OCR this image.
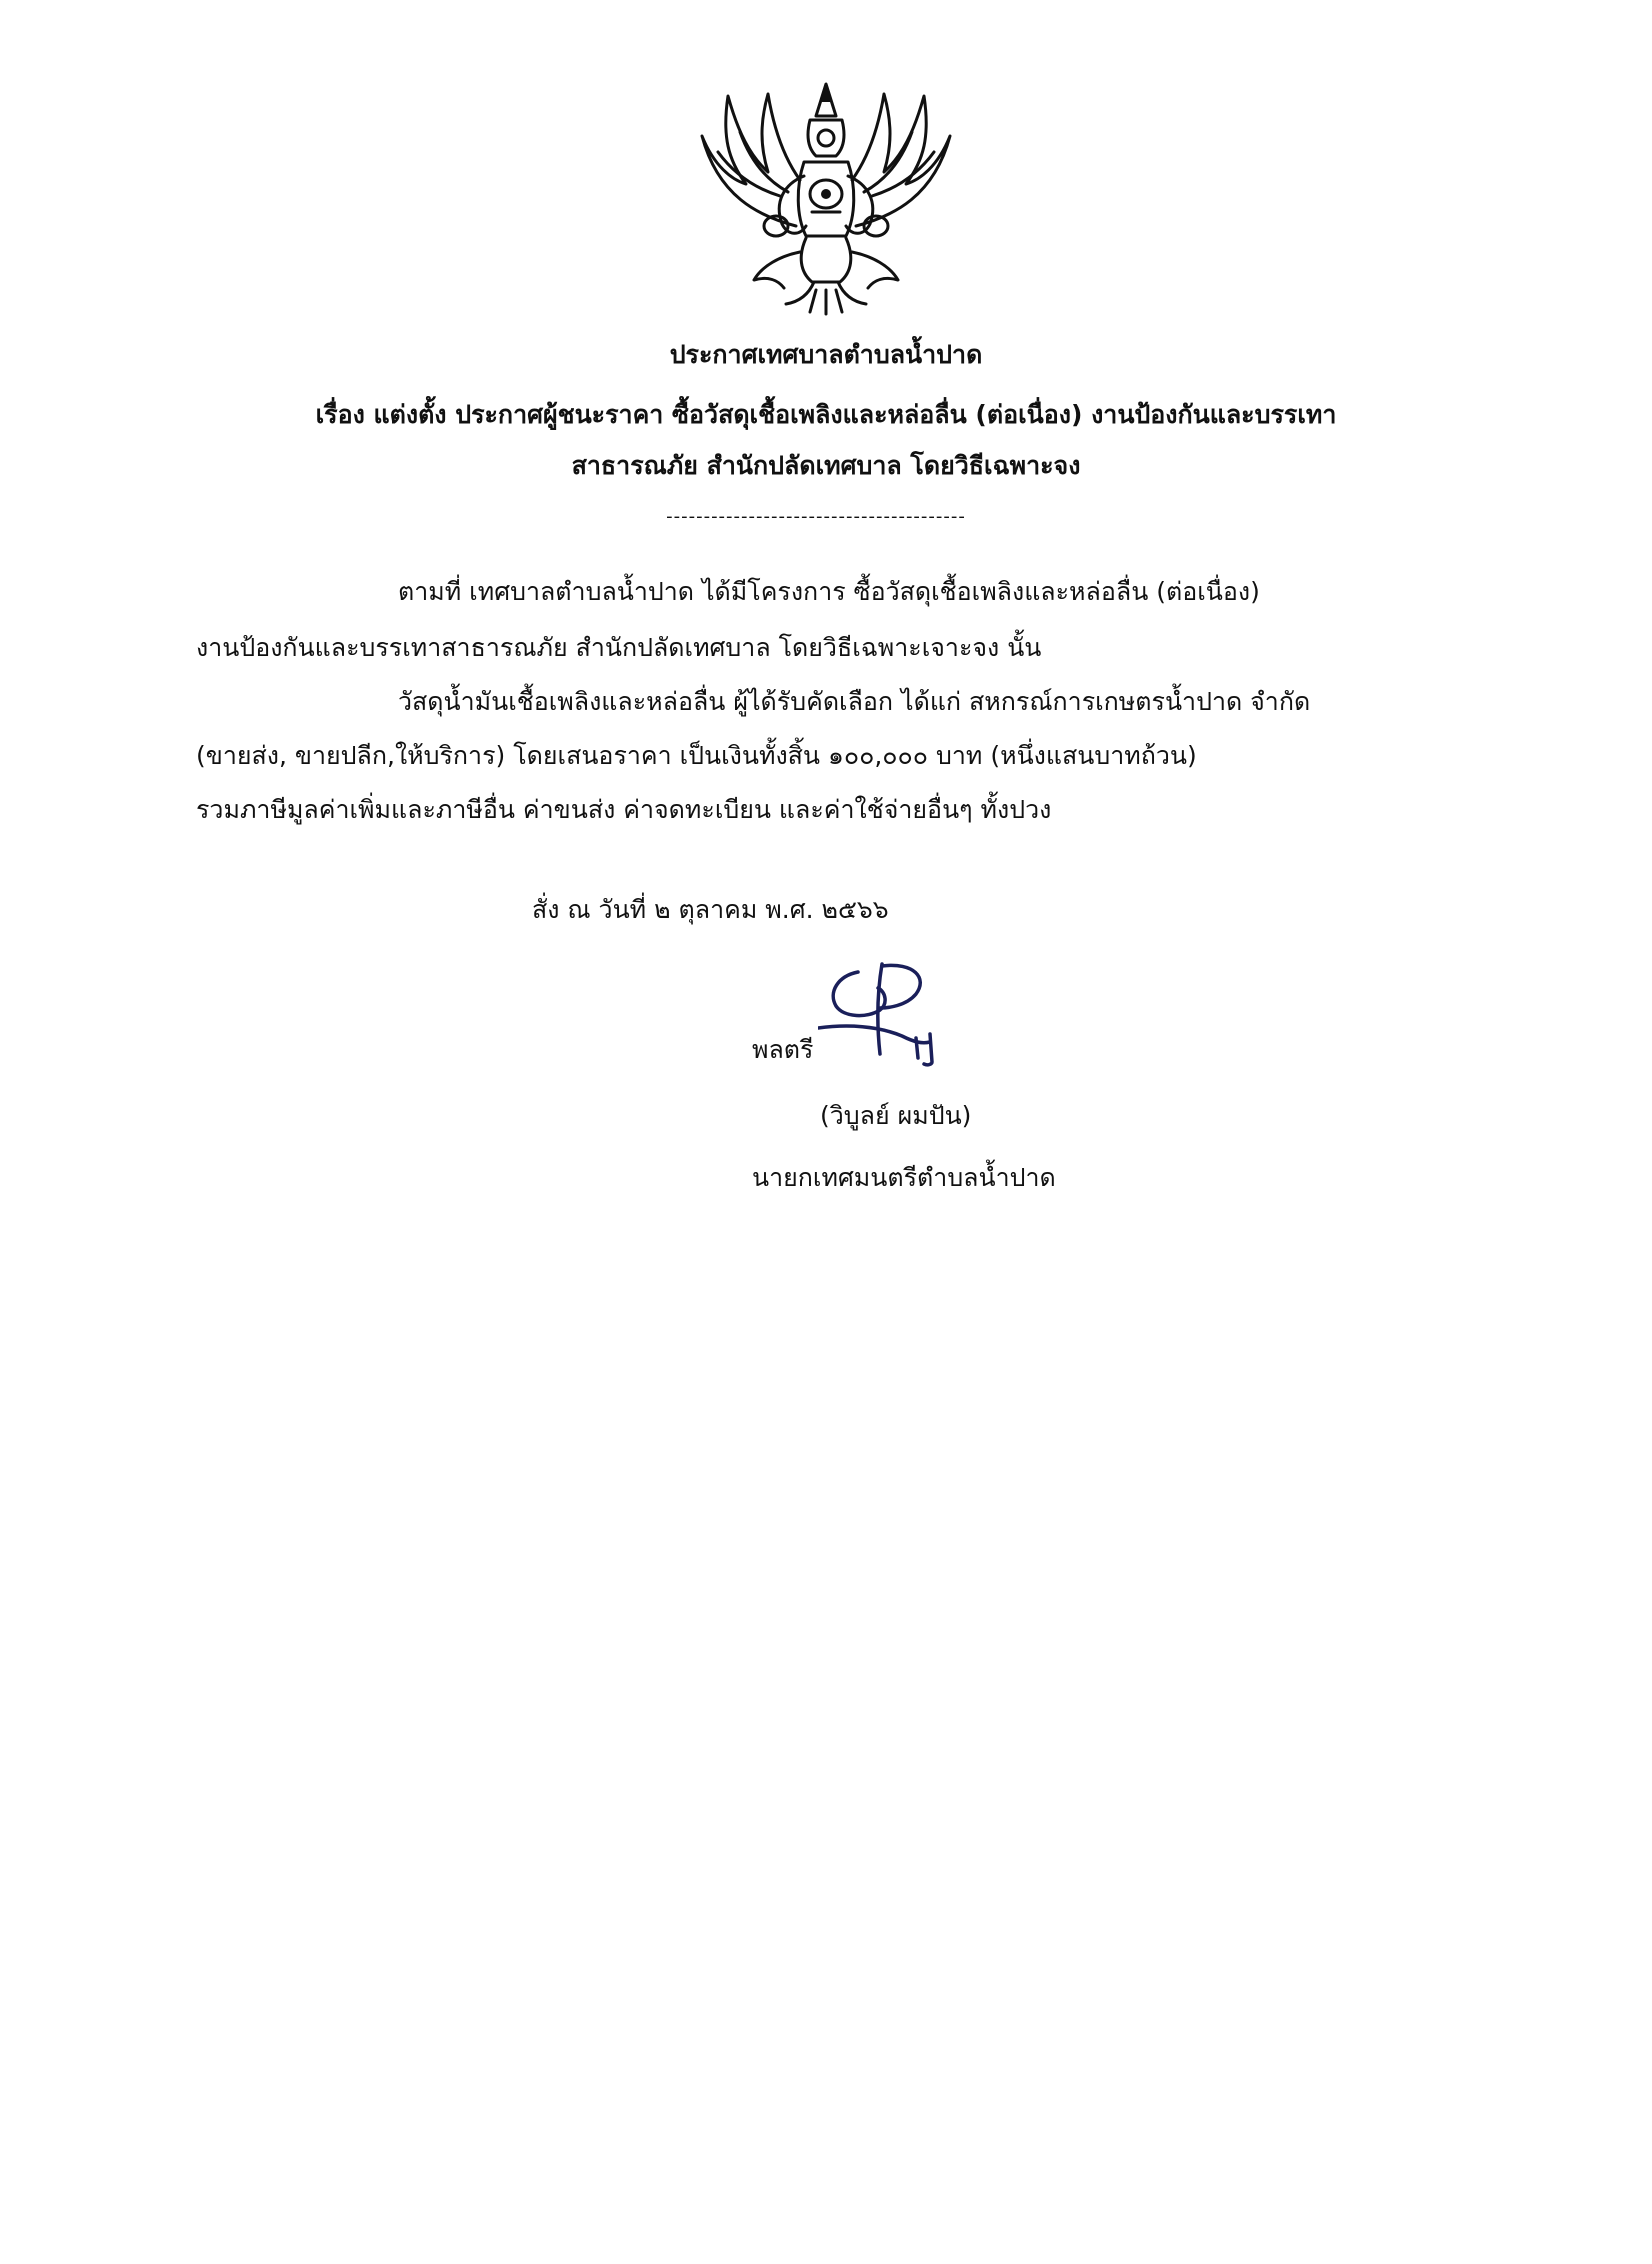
ประกาศเทศบาลตำบลน้ำปาด
เรื่อง แต่งตั้ง ประกาศผู้ชนะราคา ซื้อวัสดุเชื้อเพลิงและหล่อลื่น (ต่อเนื่อง) งานป้องกันและบรรเทา
สาธารณภัย สำนักปลัดเทศบาล โดยวิธีเฉพาะจง
----------------------------------------
ตามที่ เทศบาลตำบลน้ำปาด ได้มีโครงการ ซื้อวัสดุเชื้อเพลิงและหล่อลื่น (ต่อเนื่อง)
งานป้องกันและบรรเทาสาธารณภัย สำนักปลัดเทศบาล โดยวิธีเฉพาะเจาะจง นั้น
วัสดุน้ำมันเชื้อเพลิงและหล่อลื่น ผู้ได้รับคัดเลือก ได้แก่ สหกรณ์การเกษตรน้ำปาด จำกัด
(ขายส่ง, ขายปลีก,ให้บริการ) โดยเสนอราคา เป็นเงินทั้งสิ้น ๑๐๐,๐๐๐ บาท (หนึ่งแสนบาทถ้วน)
รวมภาษีมูลค่าเพิ่มและภาษีอื่น ค่าขนส่ง ค่าจดทะเบียน และค่าใช้จ่ายอื่นๆ ทั้งปวง
สั่ง ณ วันที่ ๒ ตุลาคม พ.ศ. ๒๕๖๖
พลตรี
(วิบูลย์ ผมปัน)
นายกเทศมนตรีตำบลน้ำปาด
